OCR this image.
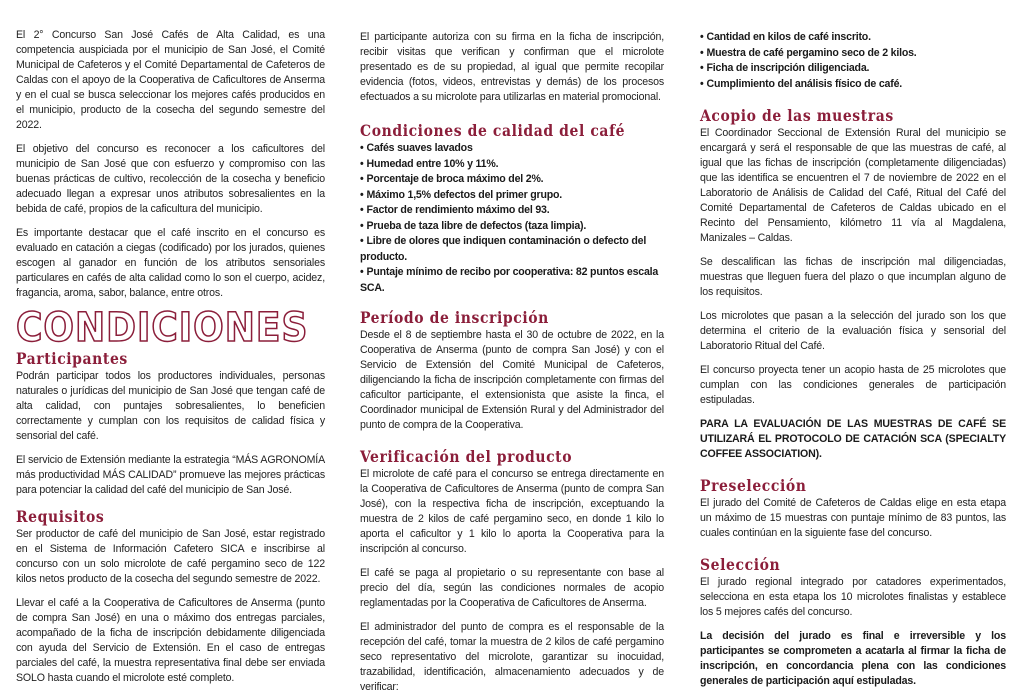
El 2° Concurso San José Cafés de Alta Calidad, es una competencia auspiciada por el municipio de San José, el Comité Municipal de Cafeteros y el Comité Departamental de Cafeteros de Caldas con el apoyo de la Cooperativa de Caficultores de Anserma y en el cual se busca seleccionar los mejores cafés producidos en el municipio, producto de la cosecha del segundo semestre del 2022.

El objetivo del concurso es reconocer a los caficultores del municipio de San José que con esfuerzo y compromiso con las buenas prácticas de cultivo, recolección de la cosecha y beneficio adecuado llegan a expresar unos atributos sobresalientes en la bebida de café, propios de la caficultura del municipio.

Es importante destacar que el café inscrito en el concurso es evaluado en catación a ciegas (codificado) por los jurados, quienes escogen al ganador en función de los atributos sensoriales particulares en cafés de alta calidad como lo son el cuerpo, acidez, fragancia, aroma, sabor, balance, entre otros.

CONDICIONES
Participantes

Podrán participar todos los productores individuales, personas naturales o jurídicas del municipio de San José que tengan café de alta calidad, con puntajes sobresalientes, lo beneficien correctamente y cumplan con los requisitos de calidad física y sensorial del café.

El servicio de Extensión mediante la estrategia “MÁS AGRONOMÍA más productividad MÁS CALIDAD” promueve las mejores prácticas para potenciar la calidad del café del municipio de San José.

Requisitos

Ser productor de café del municipio de San José, estar registrado en el Sistema de Información Cafetero SICA e inscribirse al concurso con un solo microlote de café pergamino seco de 122 kilos netos producto de la cosecha del segundo semestre de 2022.

Llevar el café a la Cooperativa de Caficultores de Anserma (punto de compra San José) en una o máximo dos entregas parciales, acompañado de la ficha de inscripción debidamente diligenciada con ayuda del Servicio de Extensión. En el caso de entregas parciales del café, la muestra representativa final debe ser enviada SOLO hasta cuando el microlote esté completo.

El participante autoriza con su firma en la ficha de inscripción, recibir visitas que verifican y confirman que el microlote presentado es de su propiedad, al igual que permite recopilar evidencia (fotos, videos, entrevistas y demás) de los procesos efectuados a su microlote para utilizarlas en material promocional.

Condiciones de calidad del café
• Cafés suaves lavados
• Humedad entre 10% y 11%.
• Porcentaje de broca máximo del 2%.
• Máximo 1,5% defectos del primer grupo.
• Factor de rendimiento máximo del 93.
• Prueba de taza libre de defectos (taza limpia).
• Libre de olores que indiquen contaminación o defecto del producto.
• Puntaje mínimo de recibo por cooperativa: 82 puntos escala SCA.
Período de inscripción

Desde el 8 de septiembre hasta el 30 de octubre de 2022, en la Cooperativa de Anserma (punto de compra San José) y con el Servicio de Extensión del Comité Municipal de Cafeteros, diligenciando la ficha de inscripción completamente con firmas del caficultor participante, el extensionista que asiste la finca, el Coordinador municipal de Extensión Rural y del Administrador del punto de compra de la Cooperativa.

Verificación del producto

El microlote de café para el concurso se entrega directamente en la Cooperativa de Caficultores de Anserma (punto de compra San José), con la respectiva ficha de inscripción, exceptuando la muestra de 2 kilos de café pergamino seco, en donde 1 kilo lo aporta el caficultor y 1 kilo lo aporta la Cooperativa para la inscripción al concurso.

El café se paga al propietario o su representante con base al precio del día, según las condiciones normales de acopio reglamentadas por la Cooperativa de Caficultores de Anserma.

El administrador del punto de compra es el responsable de la recepción del café, tomar la muestra de 2 kilos de café pergamino seco representativo del microlote, garantizar su inocuidad, trazabilidad, identificación, almacenamiento adecuados y de verificar:

• Cantidad en kilos de café inscrito.
• Muestra de café pergamino seco de 2 kilos.
• Ficha de inscripción diligenciada.
• Cumplimiento del análisis físico de café.
Acopio de las muestras

El Coordinador Seccional de Extensión Rural del municipio se encargará y será el responsable de que las muestras de café, al igual que las fichas de inscripción (completamente diligenciadas) que las identifica se encuentren el 7 de noviembre de 2022 en el Laboratorio de Análisis de Calidad del Café, Ritual del Café del Comité Departamental de Cafeteros de Caldas ubicado en el Recinto del Pensamiento, kilómetro 11 vía al Magdalena, Manizales – Caldas.

Se descalifican las fichas de inscripción mal diligenciadas, muestras que lleguen fuera del plazo o que incumplan alguno de los requisitos.

Los microlotes que pasan a la selección del jurado son los que determina el criterio de la evaluación física y sensorial del Laboratorio Ritual del Café.

El concurso proyecta tener un acopio hasta de 25 microlotes que cumplan con las condiciones generales de participación estipuladas.

PARA LA EVALUACIÓN DE LAS MUESTRAS DE CAFÉ SE UTILIZARÁ EL PROTOCOLO DE CATACIÓN SCA (SPECIALTY COFFEE ASSOCIATION).

Preselección

El jurado del Comité de Cafeteros de Caldas elige en esta etapa un máximo de 15 muestras con puntaje mínimo de 83 puntos, las cuales continúan en la siguiente fase del concurso.

Selección

El jurado regional integrado por catadores experimentados, selecciona en esta etapa los 10 microlotes finalistas y establece los 5 mejores cafés del concurso.

La decisión del jurado es final e irreversible y los participantes se comprometen a acatarla al firmar la ficha de inscripción, en concordancia plena con las condiciones generales de participación aquí estipuladas.
